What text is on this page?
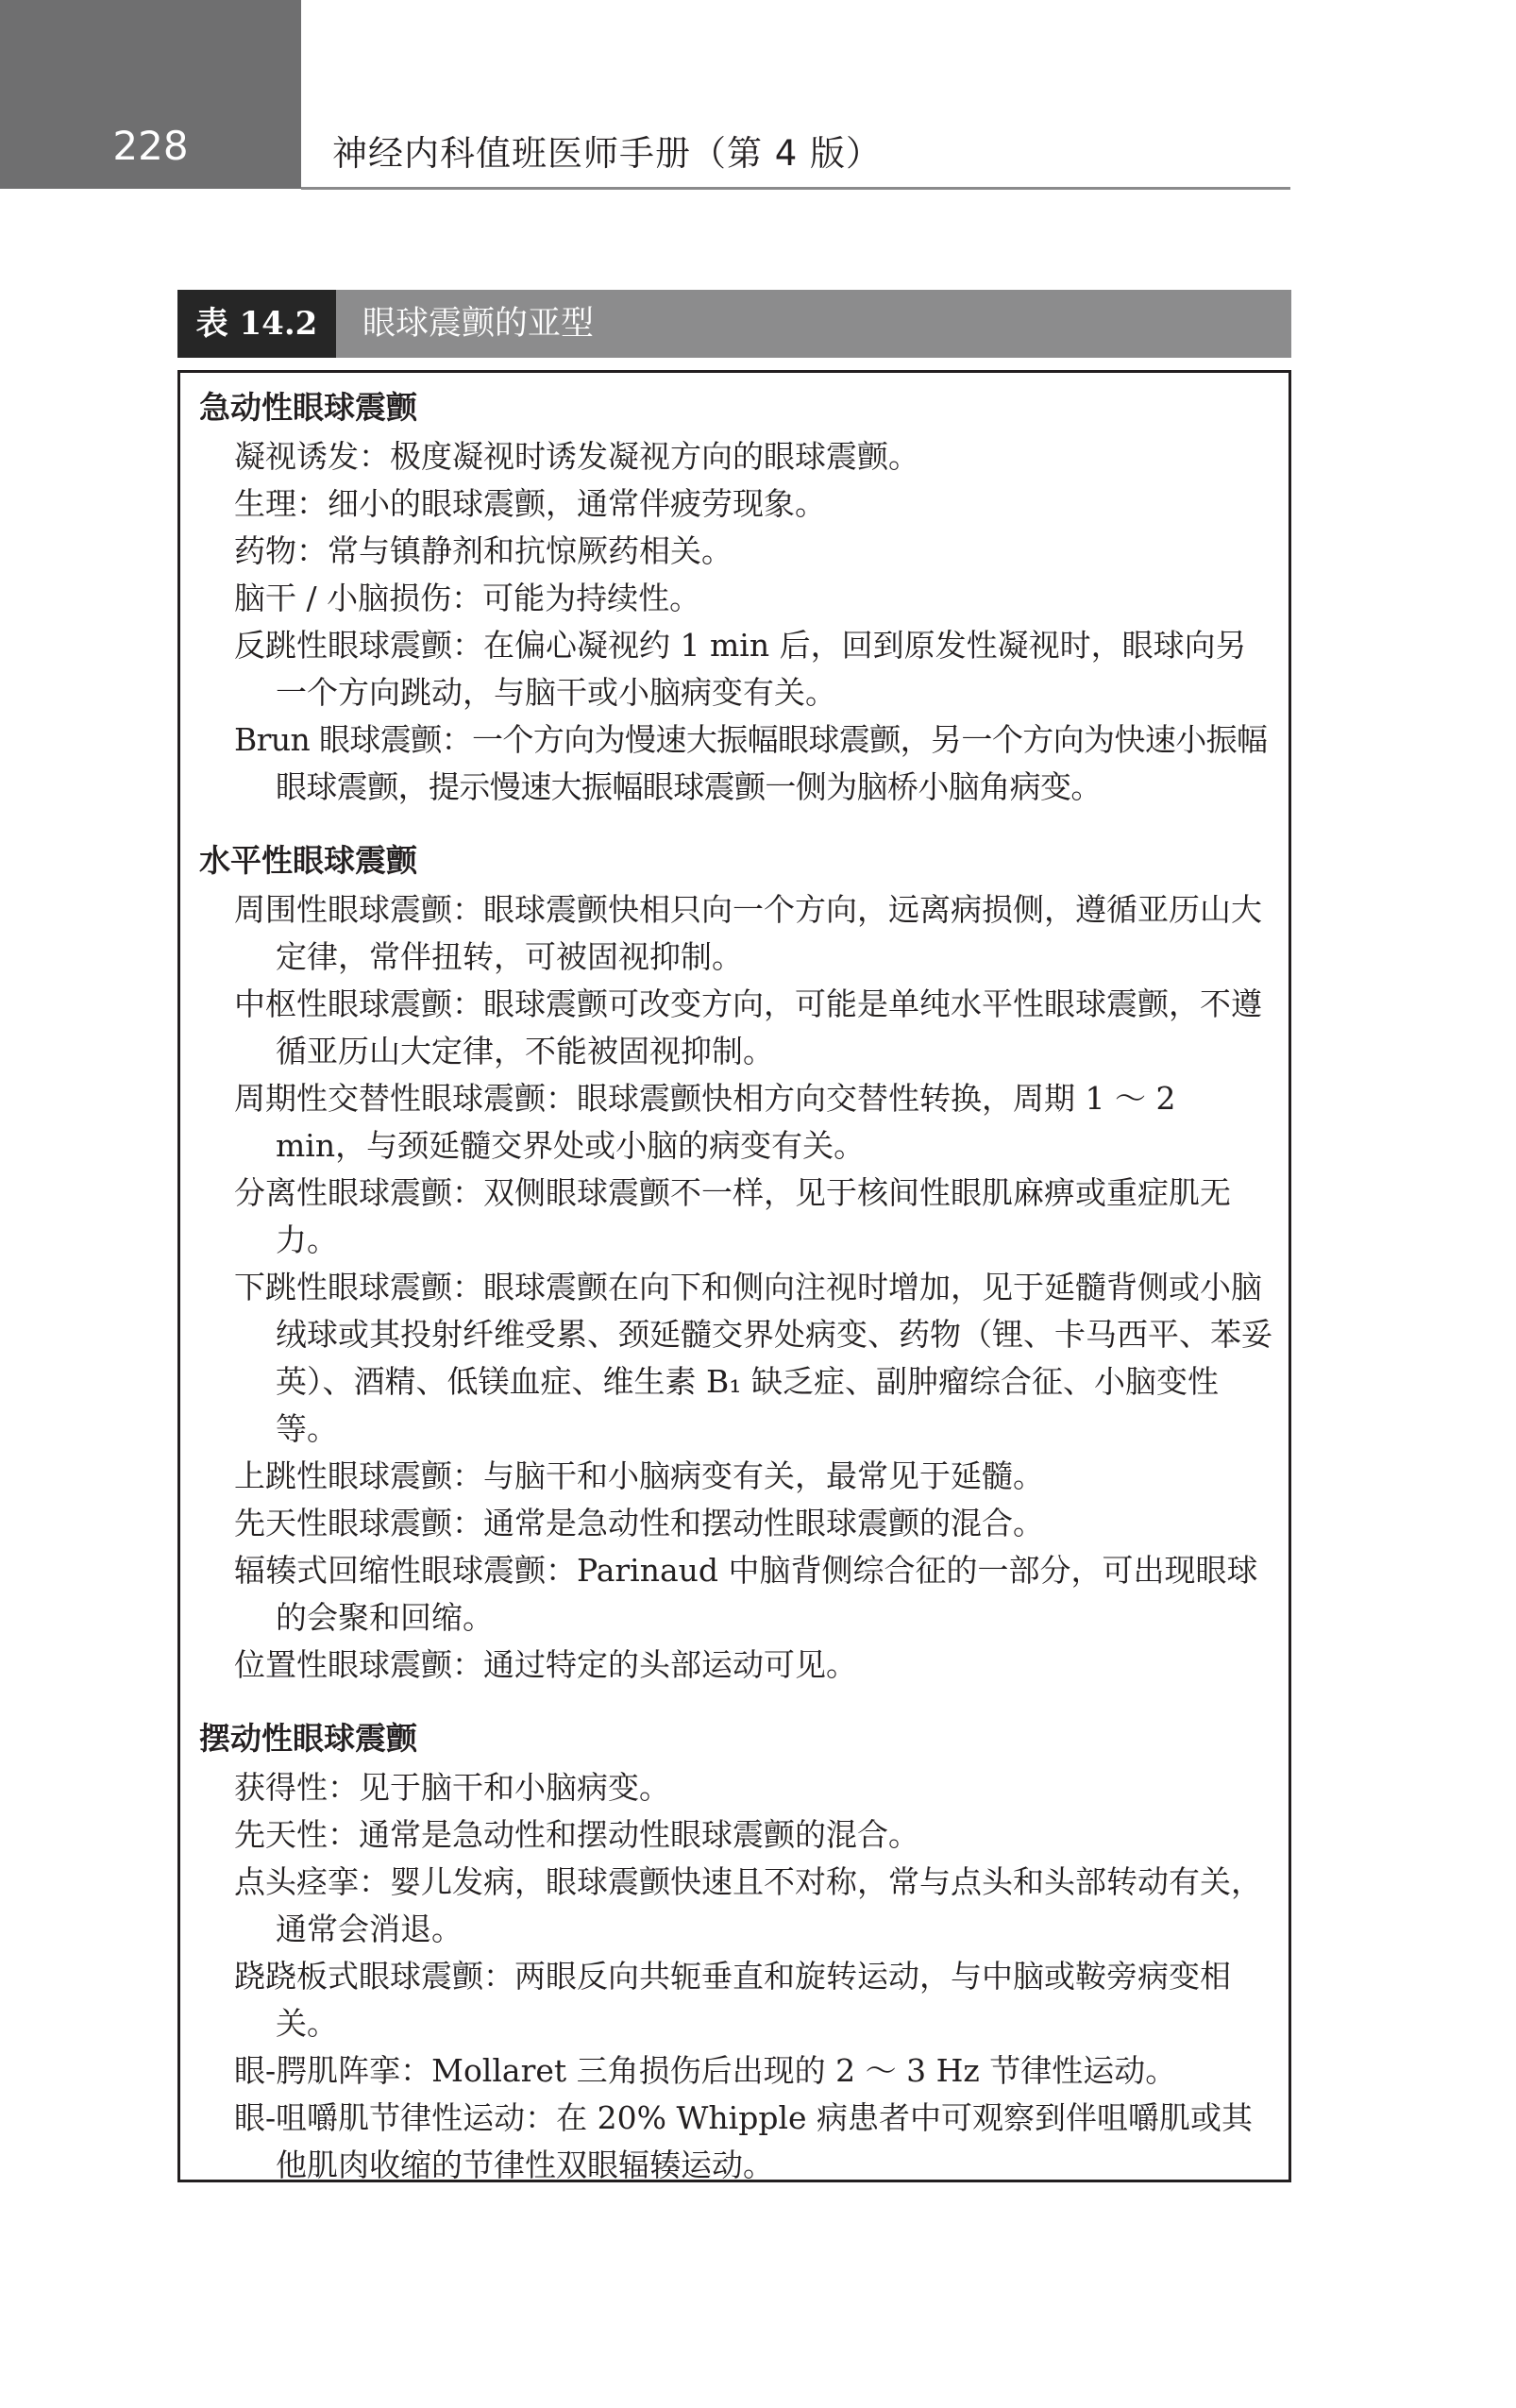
228	神经内科值班医师手册（第 4 版）
表 14.2	眼球震颤的亚型

急动性眼球震颤

凝视诱发：极度凝视时诱发凝视方向的眼球震颤。

生理：细小的眼球震颤，通常伴疲劳现象。

药物：常与镇静剂和抗惊厥药相关。

脑干 / 小脑损伤：可能为持续性。

反跳性眼球震颤：在偏心凝视约 1 min 后，回到原发性凝视时，眼球向另一个方向跳动，与脑干或小脑病变有关。

Brun 眼球震颤：一个方向为慢速大振幅眼球震颤，另一个方向为快速小振幅眼球震颤，提示慢速大振幅眼球震颤一侧为脑桥小脑角病变。

水平性眼球震颤

周围性眼球震颤：眼球震颤快相只向一个方向，远离病损侧，遵循亚历山大定律，常伴扭转，可被固视抑制。

中枢性眼球震颤：眼球震颤可改变方向，可能是单纯水平性眼球震颤，不遵循亚历山大定律，不能被固视抑制。

周期性交替性眼球震颤：眼球震颤快相方向交替性转换，周期 1 ～ 2 min，与颈延髓交界处或小脑的病变有关。

分离性眼球震颤：双侧眼球震颤不一样，见于核间性眼肌麻痹或重症肌无力。

下跳性眼球震颤：眼球震颤在向下和侧向注视时增加，见于延髓背侧或小脑绒球或其投射纤维受累、颈延髓交界处病变、药物（锂、卡马西平、苯妥英）、酒精、低镁血症、维生素 B₁ 缺乏症、副肿瘤综合征、小脑变性等。

上跳性眼球震颤：与脑干和小脑病变有关，最常见于延髓。

先天性眼球震颤：通常是急动性和摆动性眼球震颤的混合。

辐辏式回缩性眼球震颤：Parinaud 中脑背侧综合征的一部分，可出现眼球的会聚和回缩。

位置性眼球震颤：通过特定的头部运动可见。

摆动性眼球震颤

获得性：见于脑干和小脑病变。

先天性：通常是急动性和摆动性眼球震颤的混合。

点头痉挛：婴儿发病，眼球震颤快速且不对称，常与点头和头部转动有关，通常会消退。

跷跷板式眼球震颤：两眼反向共轭垂直和旋转运动，与中脑或鞍旁病变相关。

眼-腭肌阵挛：Mollaret 三角损伤后出现的 2 ～ 3 Hz 节律性运动。

眼-咀嚼肌节律性运动：在 20% Whipple 病患者中可观察到伴咀嚼肌或其他肌肉收缩的节律性双眼辐辏运动。
